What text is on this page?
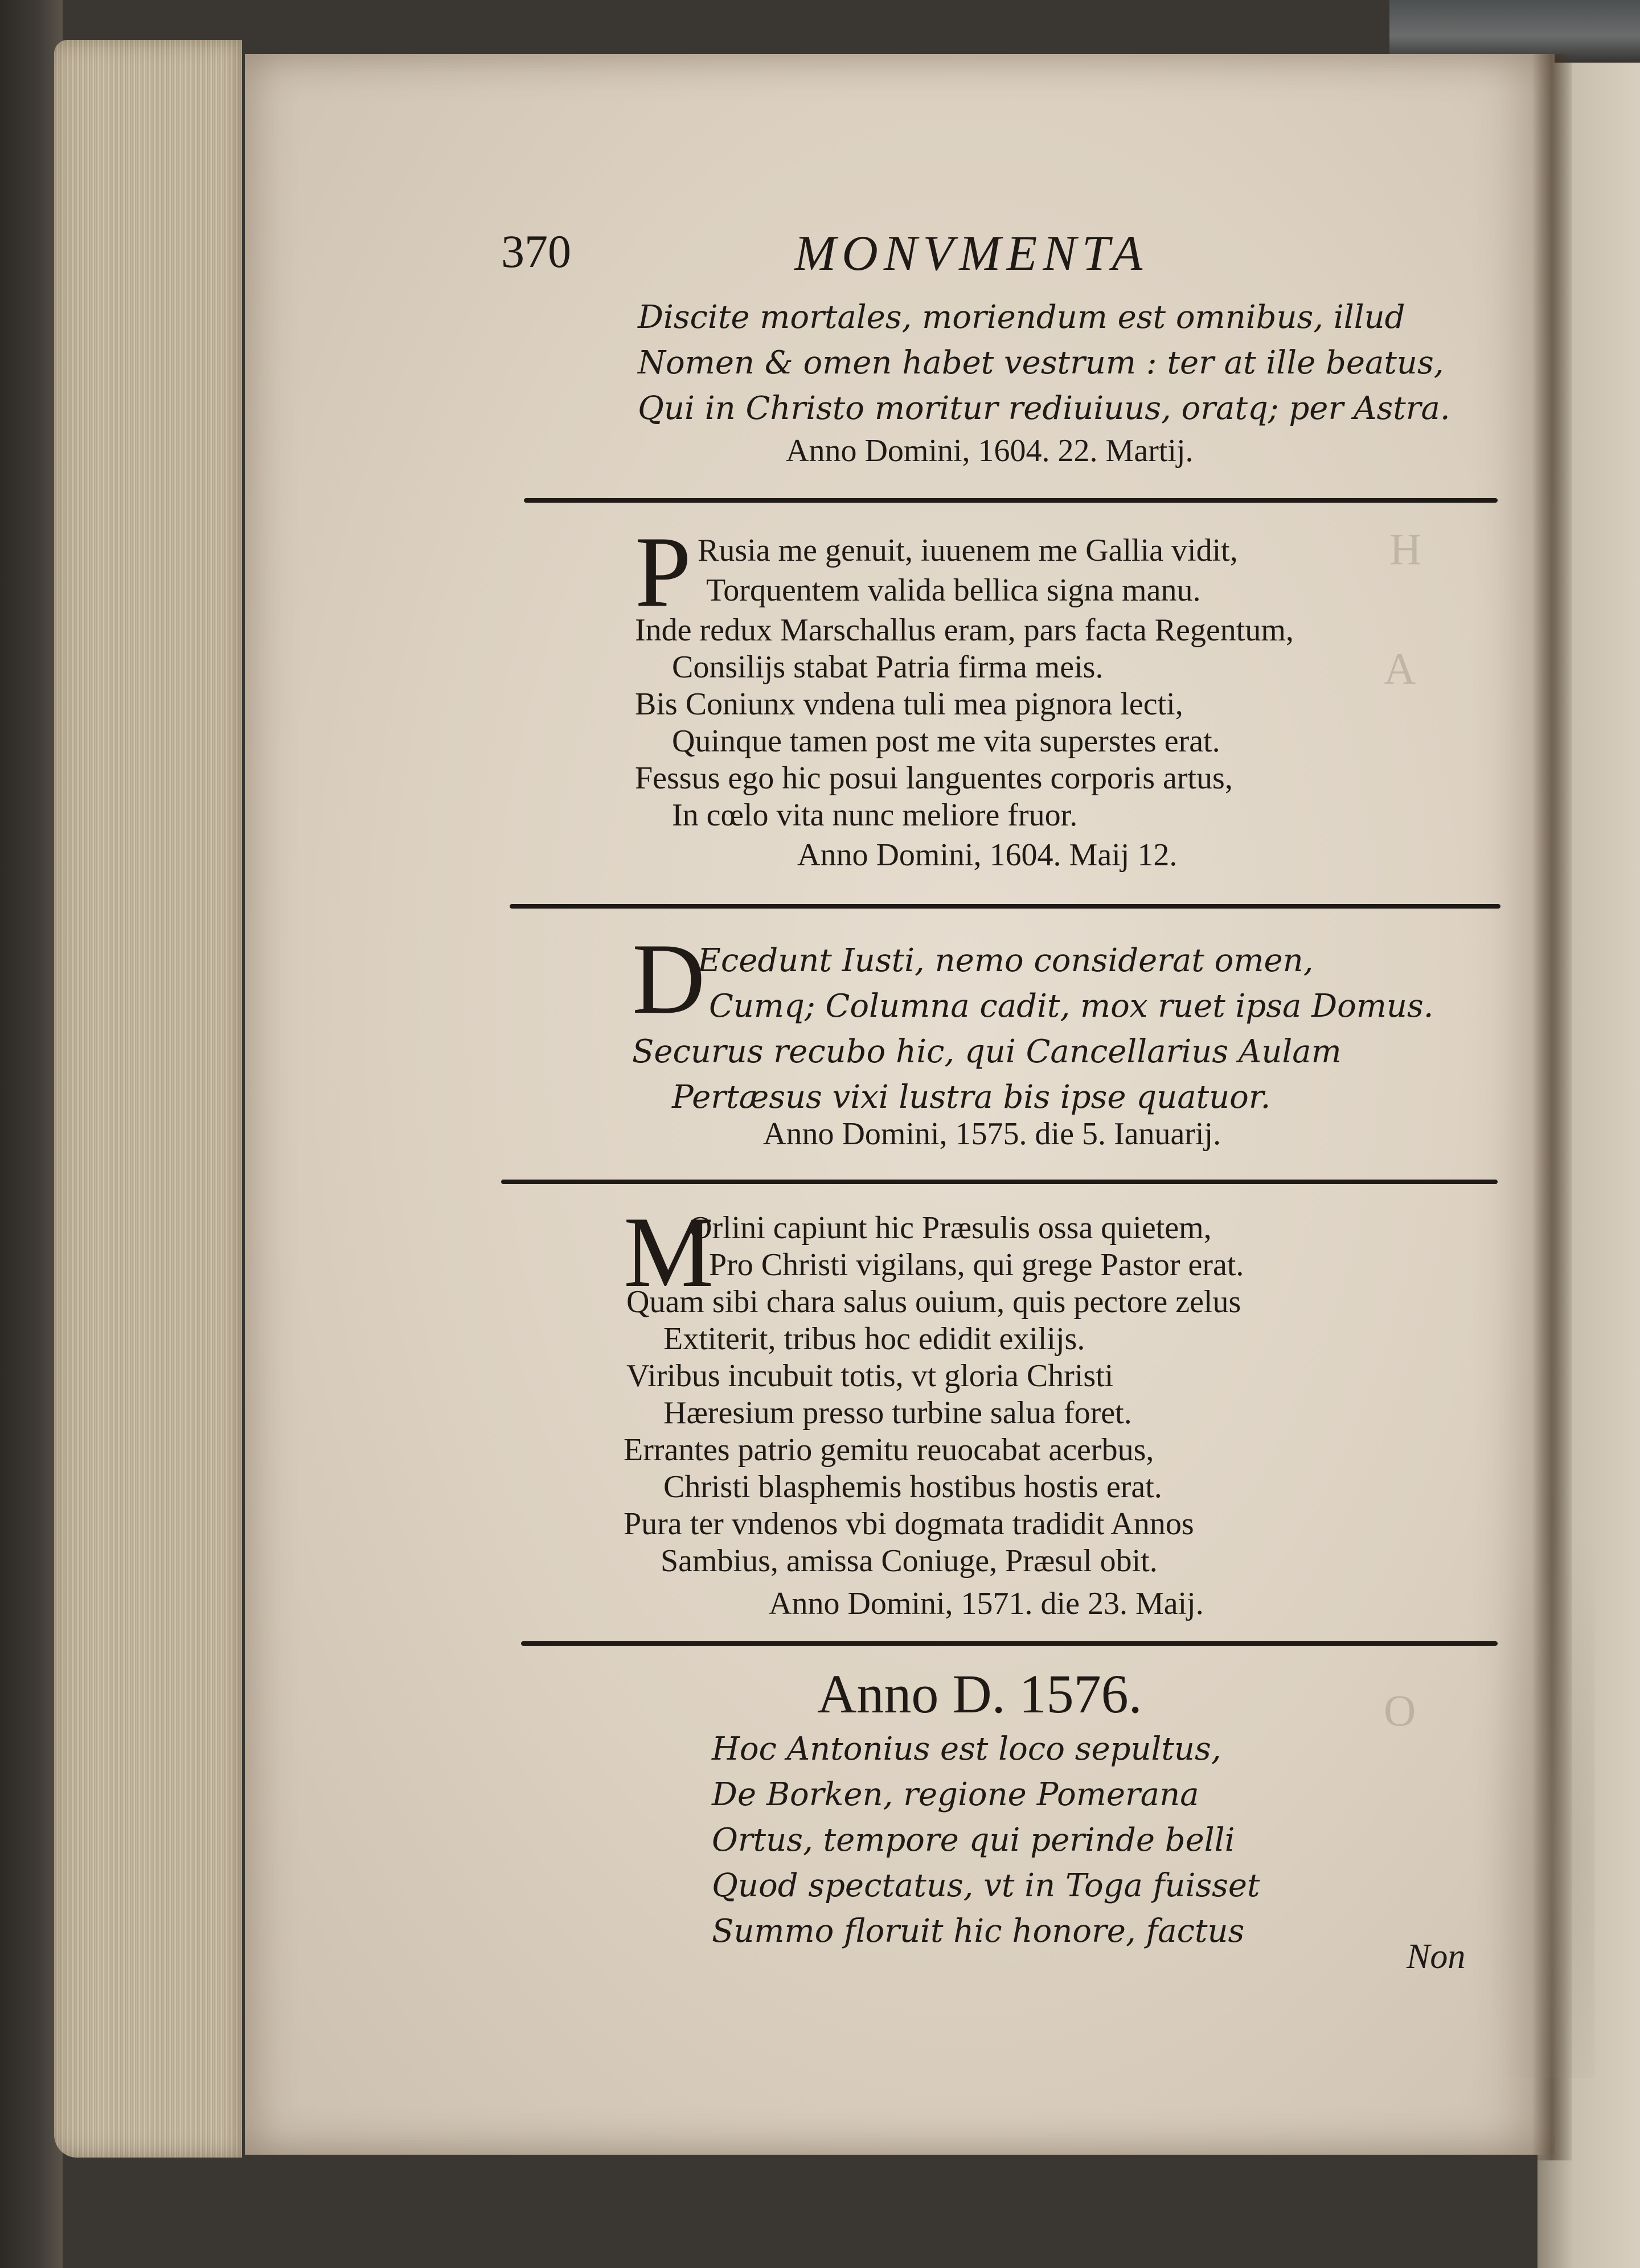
H
A
O
370	MONVMENTA
Discite mortales, moriendum est omnibus, illud
Nomen & omen habet vestrum : ter at ille beatus,
Qui in Christo moritur rediuiuus, oratq; per Astra.
Anno Domini, 1604. 22. Martij.
P Rusia me genuit, iuuenem me Gallia vidit,
Torquentem valida bellica signa manu.
Inde redux Marschallus eram, pars facta Regentum,
Consilijs stabat Patria firma meis.
Bis Coniunx vndena tuli mea pignora lecti,
Quinque tamen post me vita superstes erat.
Fessus ego hic posui languentes corporis artus,
In cœlo vita nunc meliore fruor.
Anno Domini, 1604. Maij 12.
D
Ecedunt Iusti, nemo considerat omen,
Cumq; Columna cadit, mox ruet ipsa Domus.
Securus recubo hic, qui Cancellarius Aulam
Pertæsus vixi lustra bis ipse quatuor.
Anno Domini, 1575. die 5. Ianuarij.
M
Orlini capiunt hic Præsulis ossa quietem,
Pro Christi vigilans, qui grege Pastor erat.
Quam sibi chara salus ouium, quis pectore zelus
Extiterit, tribus hoc edidit exilijs.
Viribus incubuit totis, vt gloria Christi
Hæresium presso turbine salua foret.
Errantes patrio gemitu reuocabat acerbus,
Christi blasphemis hostibus hostis erat.
Pura ter vndenos vbi dogmata tradidit Annos
Sambius, amissa Coniuge, Præsul obit.
Anno Domini, 1571. die 23. Maij.
Anno D. 1576.
Hoc Antonius est loco sepultus,
De Borken, regione Pomerana
Ortus, tempore qui perinde belli
Quod spectatus, vt in Toga fuisset
Summo floruit hic honore, factus
Non
